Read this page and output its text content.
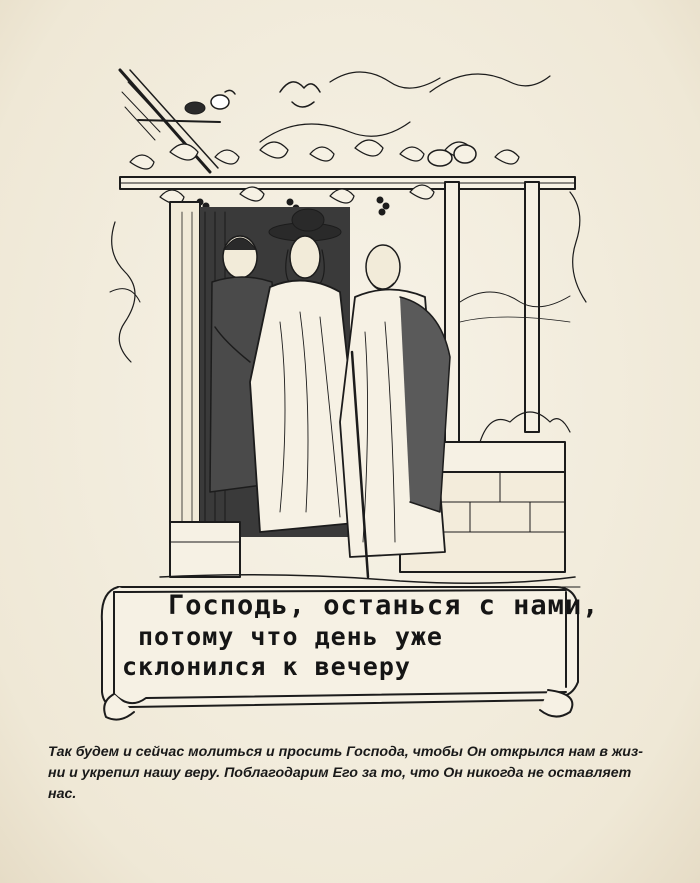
Господь, останься с нами,
потому что день уже
склонился к вечеру
Так будем и сейчас молиться и просить Господа, чтобы Он открылся нам в жиз-
ни и укрепил нашу веру. Поблагодарим Его за то, что Он никогда не оставляет
нас.
